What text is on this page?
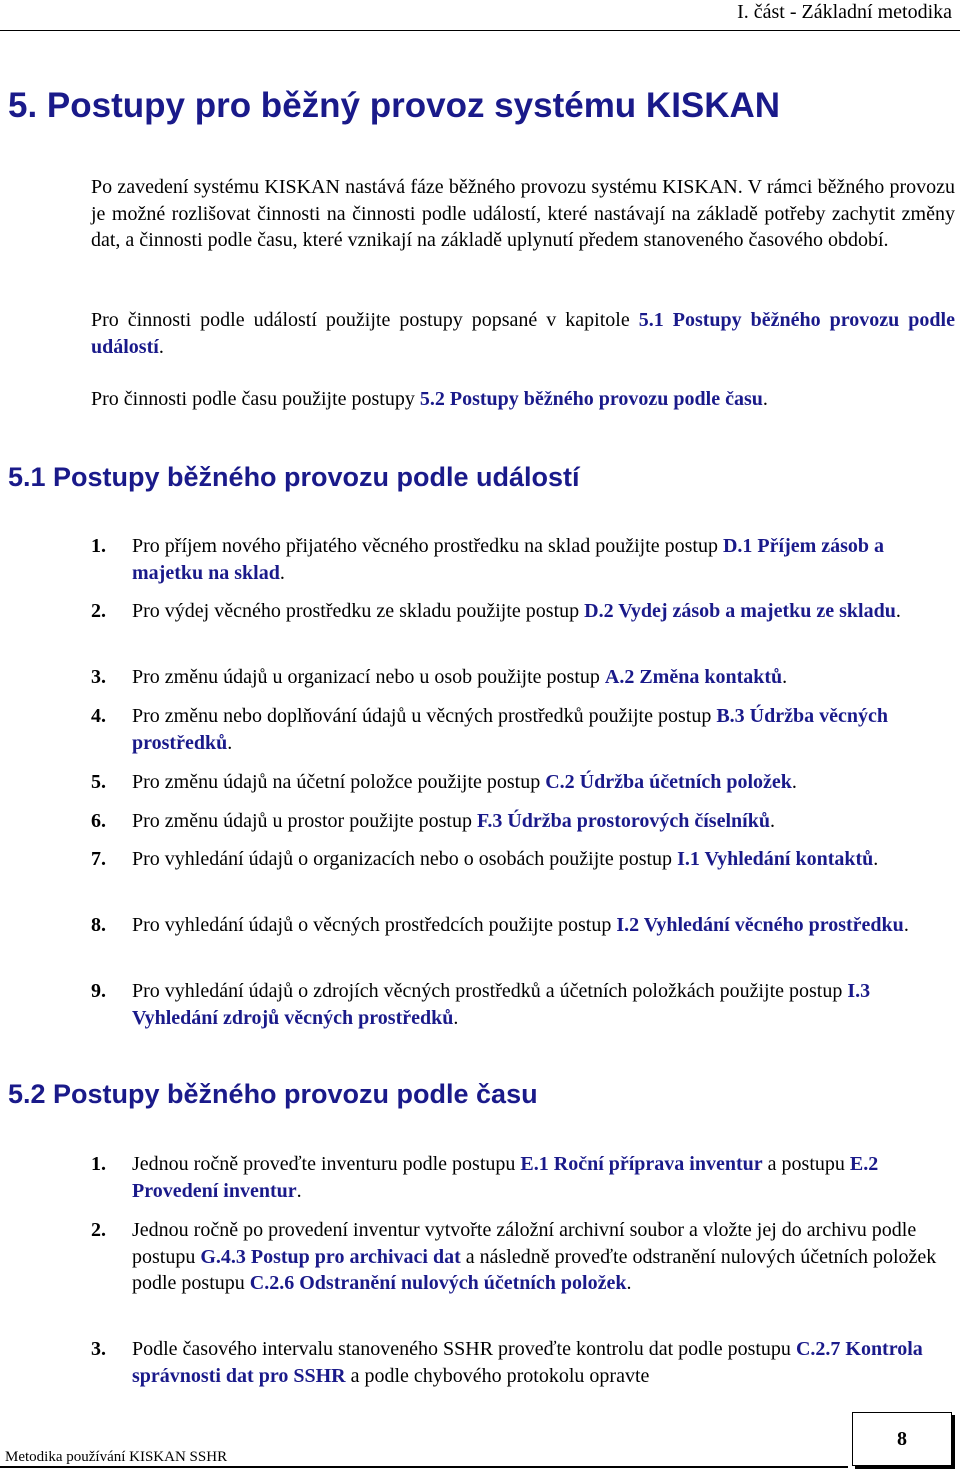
I. část - Základní metodika
5. Postupy pro běžný provoz systému KISKAN

Po zavedení systému KISKAN nastává fáze běžného provozu systému KISKAN. V rámci běžného provozu je možné rozlišovat činnosti na činnosti podle událostí, které nastávají na základě potřeby zachytit změny dat, a činnosti podle času, které vznikají na základě uplynutí předem stanoveného časového období.

Pro činnosti podle událostí použijte postupy popsané v kapitole 5.1 Postupy běžného provozu podle událostí.

Pro činnosti podle času použijte postupy 5.2 Postupy běžného provozu podle času.

5.1 Postupy běžného provozu podle událostí
1.	Pro příjem nového přijatého věcného prostředku na sklad použijte postup D.1 Příjem zásob a majetku na sklad.
2.	Pro výdej věcného prostředku ze skladu použijte postup D.2 Vydej zásob a majetku ze skladu.
3.	Pro změnu údajů u organizací nebo u osob použijte postup A.2 Změna kontaktů.
4.	Pro změnu nebo doplňování údajů u věcných prostředků použijte postup B.3 Údržba věcných prostředků.
5.	Pro změnu údajů na účetní položce použijte postup C.2 Údržba účetních položek.
6.	Pro změnu údajů u prostor použijte postup F.3 Údržba prostorových číselníků.
7.	Pro vyhledání údajů o organizacích nebo o osobách použijte postup I.1 Vyhledání kontaktů.
8.	Pro vyhledání údajů o věcných prostředcích použijte postup I.2 Vyhledání věcného prostředku.
9.	Pro vyhledání údajů o zdrojích věcných prostředků a účetních položkách použijte postup I.3 Vyhledání zdrojů věcných prostředků.
5.2 Postupy běžného provozu podle času
1.	Jednou ročně proveďte inventuru podle postupu E.1 Roční příprava inventur a postupu E.2 Provedení inventur.
2.	Jednou ročně po provedení inventur vytvořte záložní archivní soubor a vložte jej do archivu podle postupu G.4.3 Postup pro archivaci dat a následně proveďte odstranění nulových účetních položek podle postupu C.2.6 Odstranění nulových účetních položek.
3.	Podle časového intervalu stanoveného SSHR proveďte kontrolu dat podle postupu C.2.7 Kontrola správnosti dat pro SSHR a podle chybového protokolu opravte
Metodika používání KISKAN SSHR
8
